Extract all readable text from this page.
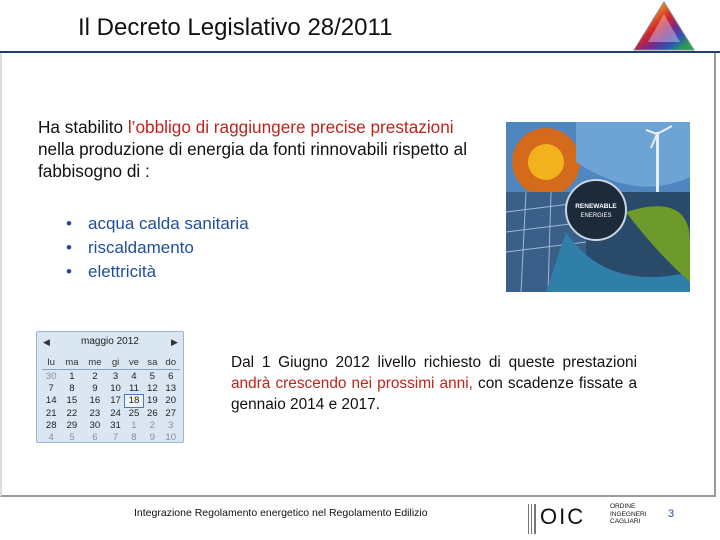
Il Decreto Legislativo 28/2011
Ha stabilito l’obbligo di raggiungere precise prestazioni nella produzione di energia da fonti rinnovabili rispetto al fabbisogno di :
• acqua calda sanitaria
• riscaldamento
• elettricità
RENEWABLE
ENERGIES
◀	maggio 2012	▶
lu	ma	me	gi	ve	sa	do
30	1	2	3	4	5	6
7	8	9	10	11	12	13
14	15	16	17	18	19	20
21	22	23	24	25	26	27
28	29	30	31	1	2	3
4	5	6	7	8	9	10
Dal 1 Giugno 2012 livello richiesto di queste prestazioni andrà crescendo nei prossimi anni, con scadenze fissate a gennaio 2014 e 2017.
Integrazione Regolamento energetico nel Regolamento Edilizio	OIC	ORDINE
INGEGNERI
CAGLIARI
3
